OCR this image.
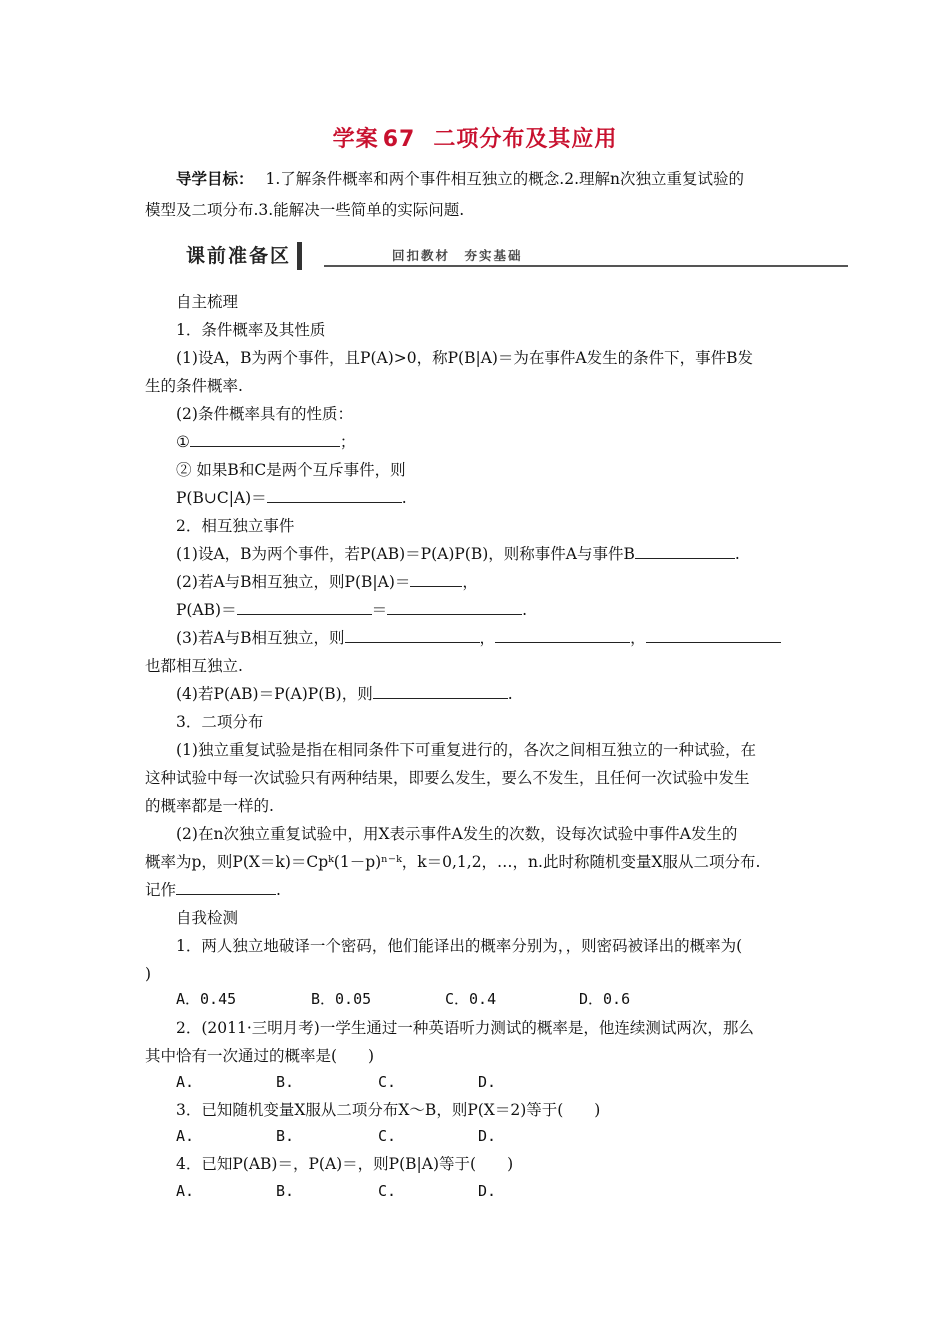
学案 67 二项分布及其应用
导学目标： 1.了解条件概率和两个事件相互独立的概念.2.理解n次独立重复试验的
模型及二项分布.3.能解决一些简单的实际问题.
课前准备区	回扣教材　夯实基础
自主梳理
1．条件概率及其性质
(1)设A，B为两个事件，且P(A)>0，称P(B|A)＝为在事件A发生的条件下，事件B发
生的条件概率.
(2)条件概率具有的性质：
①	；
② 如果B和C是两个互斥事件，则
P(B∪C|A)＝	.
2．相互独立事件
(1)设A，B为两个事件，若P(AB)＝P(A)P(B)，则称事件A与事件B	.
(2)若A与B相互独立，则P(B|A)＝	，
P(AB)＝	＝	.
(3)若A与B相互独立，则	，	，
也都相互独立.
(4)若P(AB)＝P(A)P(B)，则	.
3．二项分布
(1)独立重复试验是指在相同条件下可重复进行的，各次之间相互独立的一种试验，在
这种试验中每一次试验只有两种结果，即要么发生，要么不发生，且任何一次试验中发生
的概率都是一样的.
(2)在n次独立重复试验中，用X表示事件A发生的次数，设每次试验中事件A发生的
概率为p，则P(X＝k)＝Cpᵏ(1－p)ⁿ⁻ᵏ，k＝0,1,2，…，n.此时称随机变量X服从二项分布.
记作	.
自我检测
1．两人独立地破译一个密码，他们能译出的概率分别为，，则密码被译出的概率为(
)
A．0.45	B．0.05	C．0.4	D．0.6
2．(2011·三明月考)一学生通过一种英语听力测试的概率是，他连续测试两次，那么
其中恰有一次通过的概率是(　　)
A.	B.	C.	D.
3．已知随机变量X服从二项分布X～B，则P(X＝2)等于(　　)
A.	B.	C.	D.
4．已知P(AB)＝，P(A)＝，则P(B|A)等于(　　)
A.	B.	C.	D.
